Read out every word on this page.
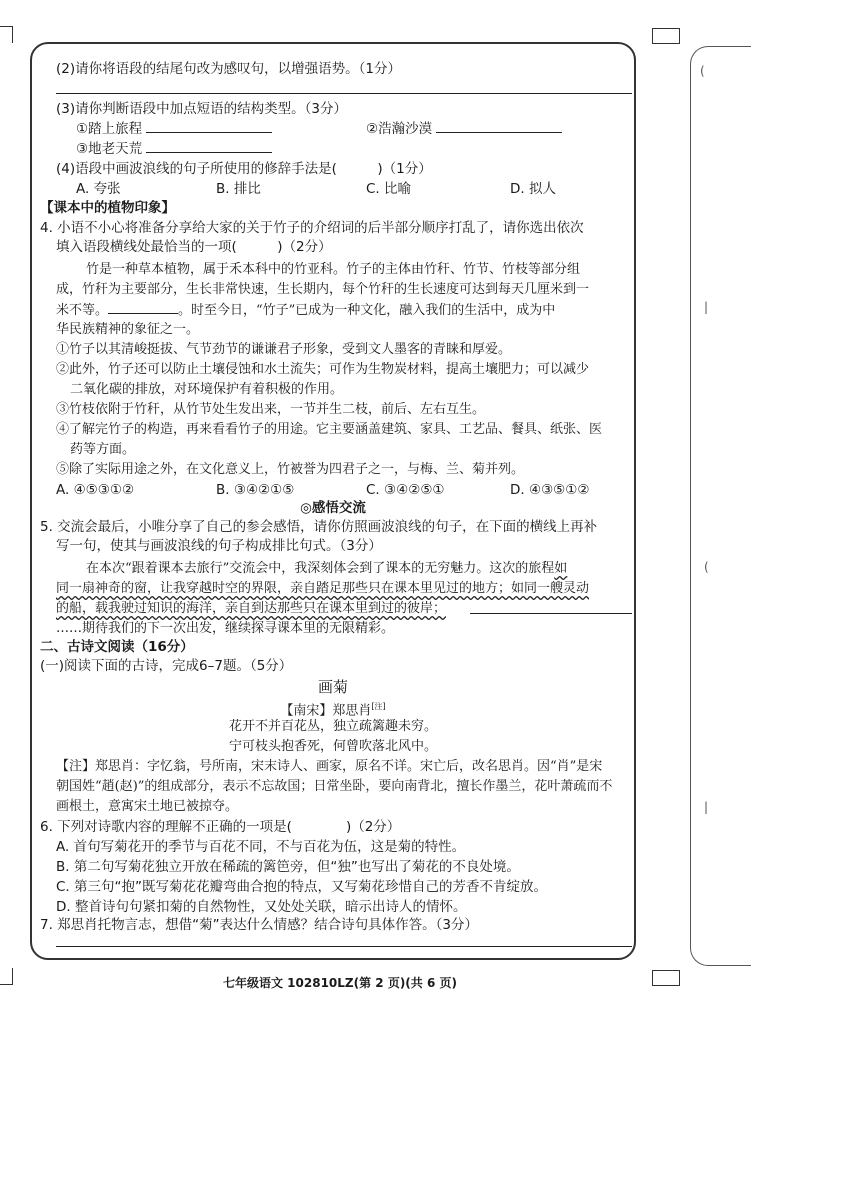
(
|
(
|
(2)请你将语段的结尾句改为感叹句，以增强语势。（1分）
(3)请你判断语段中加点短语的结构类型。（3分）
①踏上旅程	②浩瀚沙漠
③地老天荒
(4)语段中画波浪线的句子所使用的修辞手法是(　　　)（1分）
A. 夸张	B. 排比	C. 比喻	D. 拟人
【课本中的植物印象】
4. 小语不小心将准备分享给大家的关于竹子的介绍词的后半部分顺序打乱了，请你选出依次
填入语段横线处最恰当的一项(　　　)（2分）
竹是一种草本植物，属于禾本科中的竹亚科。竹子的主体由竹秆、竹节、竹枝等部分组
成，竹秆为主要部分，生长非常快速，生长期内，每个竹秆的生长速度可达到每天几厘米到一
米不等。	。时至今日，“竹子”已成为一种文化，融入我们的生活中，成为中
华民族精神的象征之一。
①竹子以其清峻挺拔、气节劲节的谦谦君子形象，受到文人墨客的青睐和厚爱。
②此外，竹子还可以防止土壤侵蚀和水土流失；可作为生物炭材料，提高土壤肥力；可以减少
二氧化碳的排放，对环境保护有着积极的作用。
③竹枝依附于竹秆，从竹节处生发出来，一节并生二枝，前后、左右互生。
④了解完竹子的构造，再来看看竹子的用途。它主要涵盖建筑、家具、工艺品、餐具、纸张、医
药等方面。
⑤除了实际用途之外，在文化意义上，竹被誉为四君子之一，与梅、兰、菊并列。
A. ④⑤③①②	B. ③④②①⑤	C. ③④②⑤①	D. ④③⑤①②
◎感悟交流
5. 交流会最后，小唯分享了自己的参会感悟，请你仿照画波浪线的句子，在下面的横线上再补
写一句，使其与画波浪线的句子构成排比句式。（3分）
在本次“跟着课本去旅行”交流会中，我深刻体会到了课本的无穷魅力。这次的旅程如
同一扇神奇的窗，让我穿越时空的界限，亲自踏足那些只在课本里见过的地方；如同一艘灵动
的船，载我驶过知识的海洋，亲自到达那些只在课本里到过的彼岸；
……期待我们的下一次出发，继续探寻课本里的无限精彩。
二、古诗文阅读（16分）
(一)阅读下面的古诗，完成6–7题。（5分）
画菊
【南宋】郑思肖[注]
花开不并百花丛，独立疏篱趣未穷。
宁可枝头抱香死，何曾吹落北风中。
【注】郑思肖：字忆翁，号所南，宋末诗人、画家，原名不详。宋亡后，改名思肖。因“肖”是宋
朝国姓“趙(赵)”的组成部分，表示不忘故国；日常坐卧，要向南背北，擅长作墨兰，花叶萧疏而不
画根土，意寓宋土地已被掠夺。
6. 下列对诗歌内容的理解不正确的一项是(　　　　)（2分）
A. 首句写菊花开的季节与百花不同，不与百花为伍，这是菊的特性。
B. 第二句写菊花独立开放在稀疏的篱笆旁，但“独”也写出了菊花的不良处境。
C. 第三句“抱”既写菊花花瓣弯曲合抱的特点，又写菊花珍惜自己的芳香不肯绽放。
D. 整首诗句句紧扣菊的自然物性，又处处关联，暗示出诗人的情怀。
7. 郑思肖托物言志，想借“菊”表达什么情感？结合诗句具体作答。（3分）
七年级语文 102810LZ(第 2 页)(共 6 页)
